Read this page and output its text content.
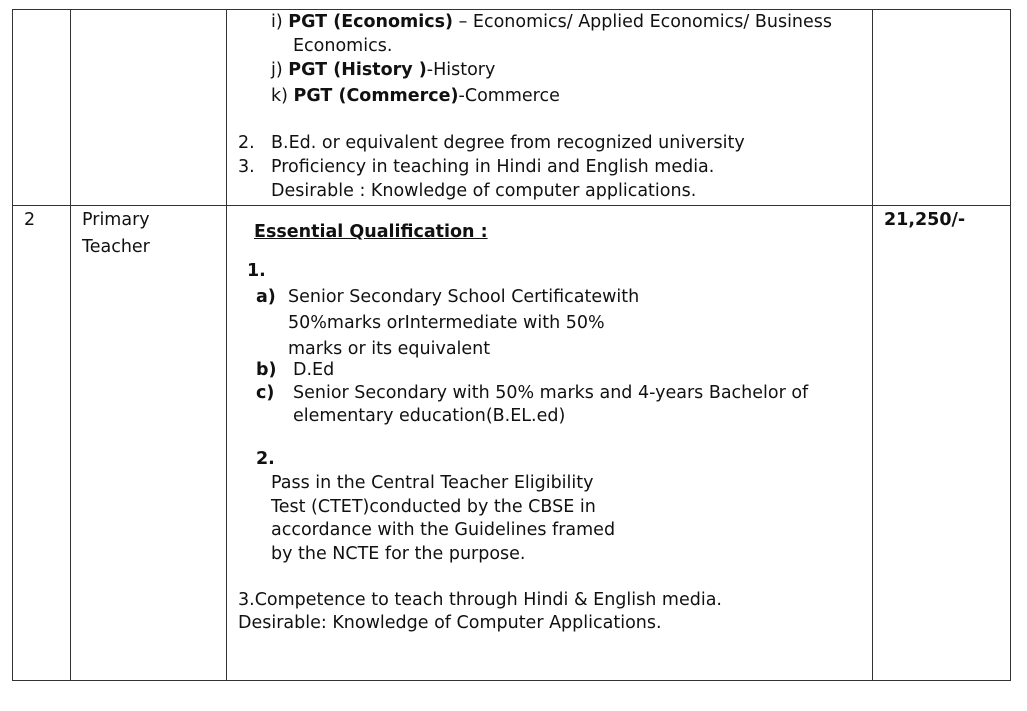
i) PGT (Economics) – Economics/ Applied Economics/ Business
Economics.
j) PGT (History )-History
k) PGT (Commerce)-Commerce
2. B.Ed. or equivalent degree from recognized university
3. Proficiency in teaching in Hindi and English media.
Desirable : Knowledge of computer applications.
2	Primary
Teacher
21,250/-
Essential Qualification :
1.
a) Senior Secondary School Certificatewith
50%marks orIntermediate with 50%
marks or its equivalent
b) D.Ed
c) Senior Secondary with 50% marks and 4-years Bachelor of
elementary education(B.EL.ed)
2.
Pass in the Central Teacher Eligibility
Test (CTET)conducted by the CBSE in
accordance with the Guidelines framed
by the NCTE for the purpose.
3.Competence to teach through Hindi & English media.
Desirable: Knowledge of Computer Applications.
